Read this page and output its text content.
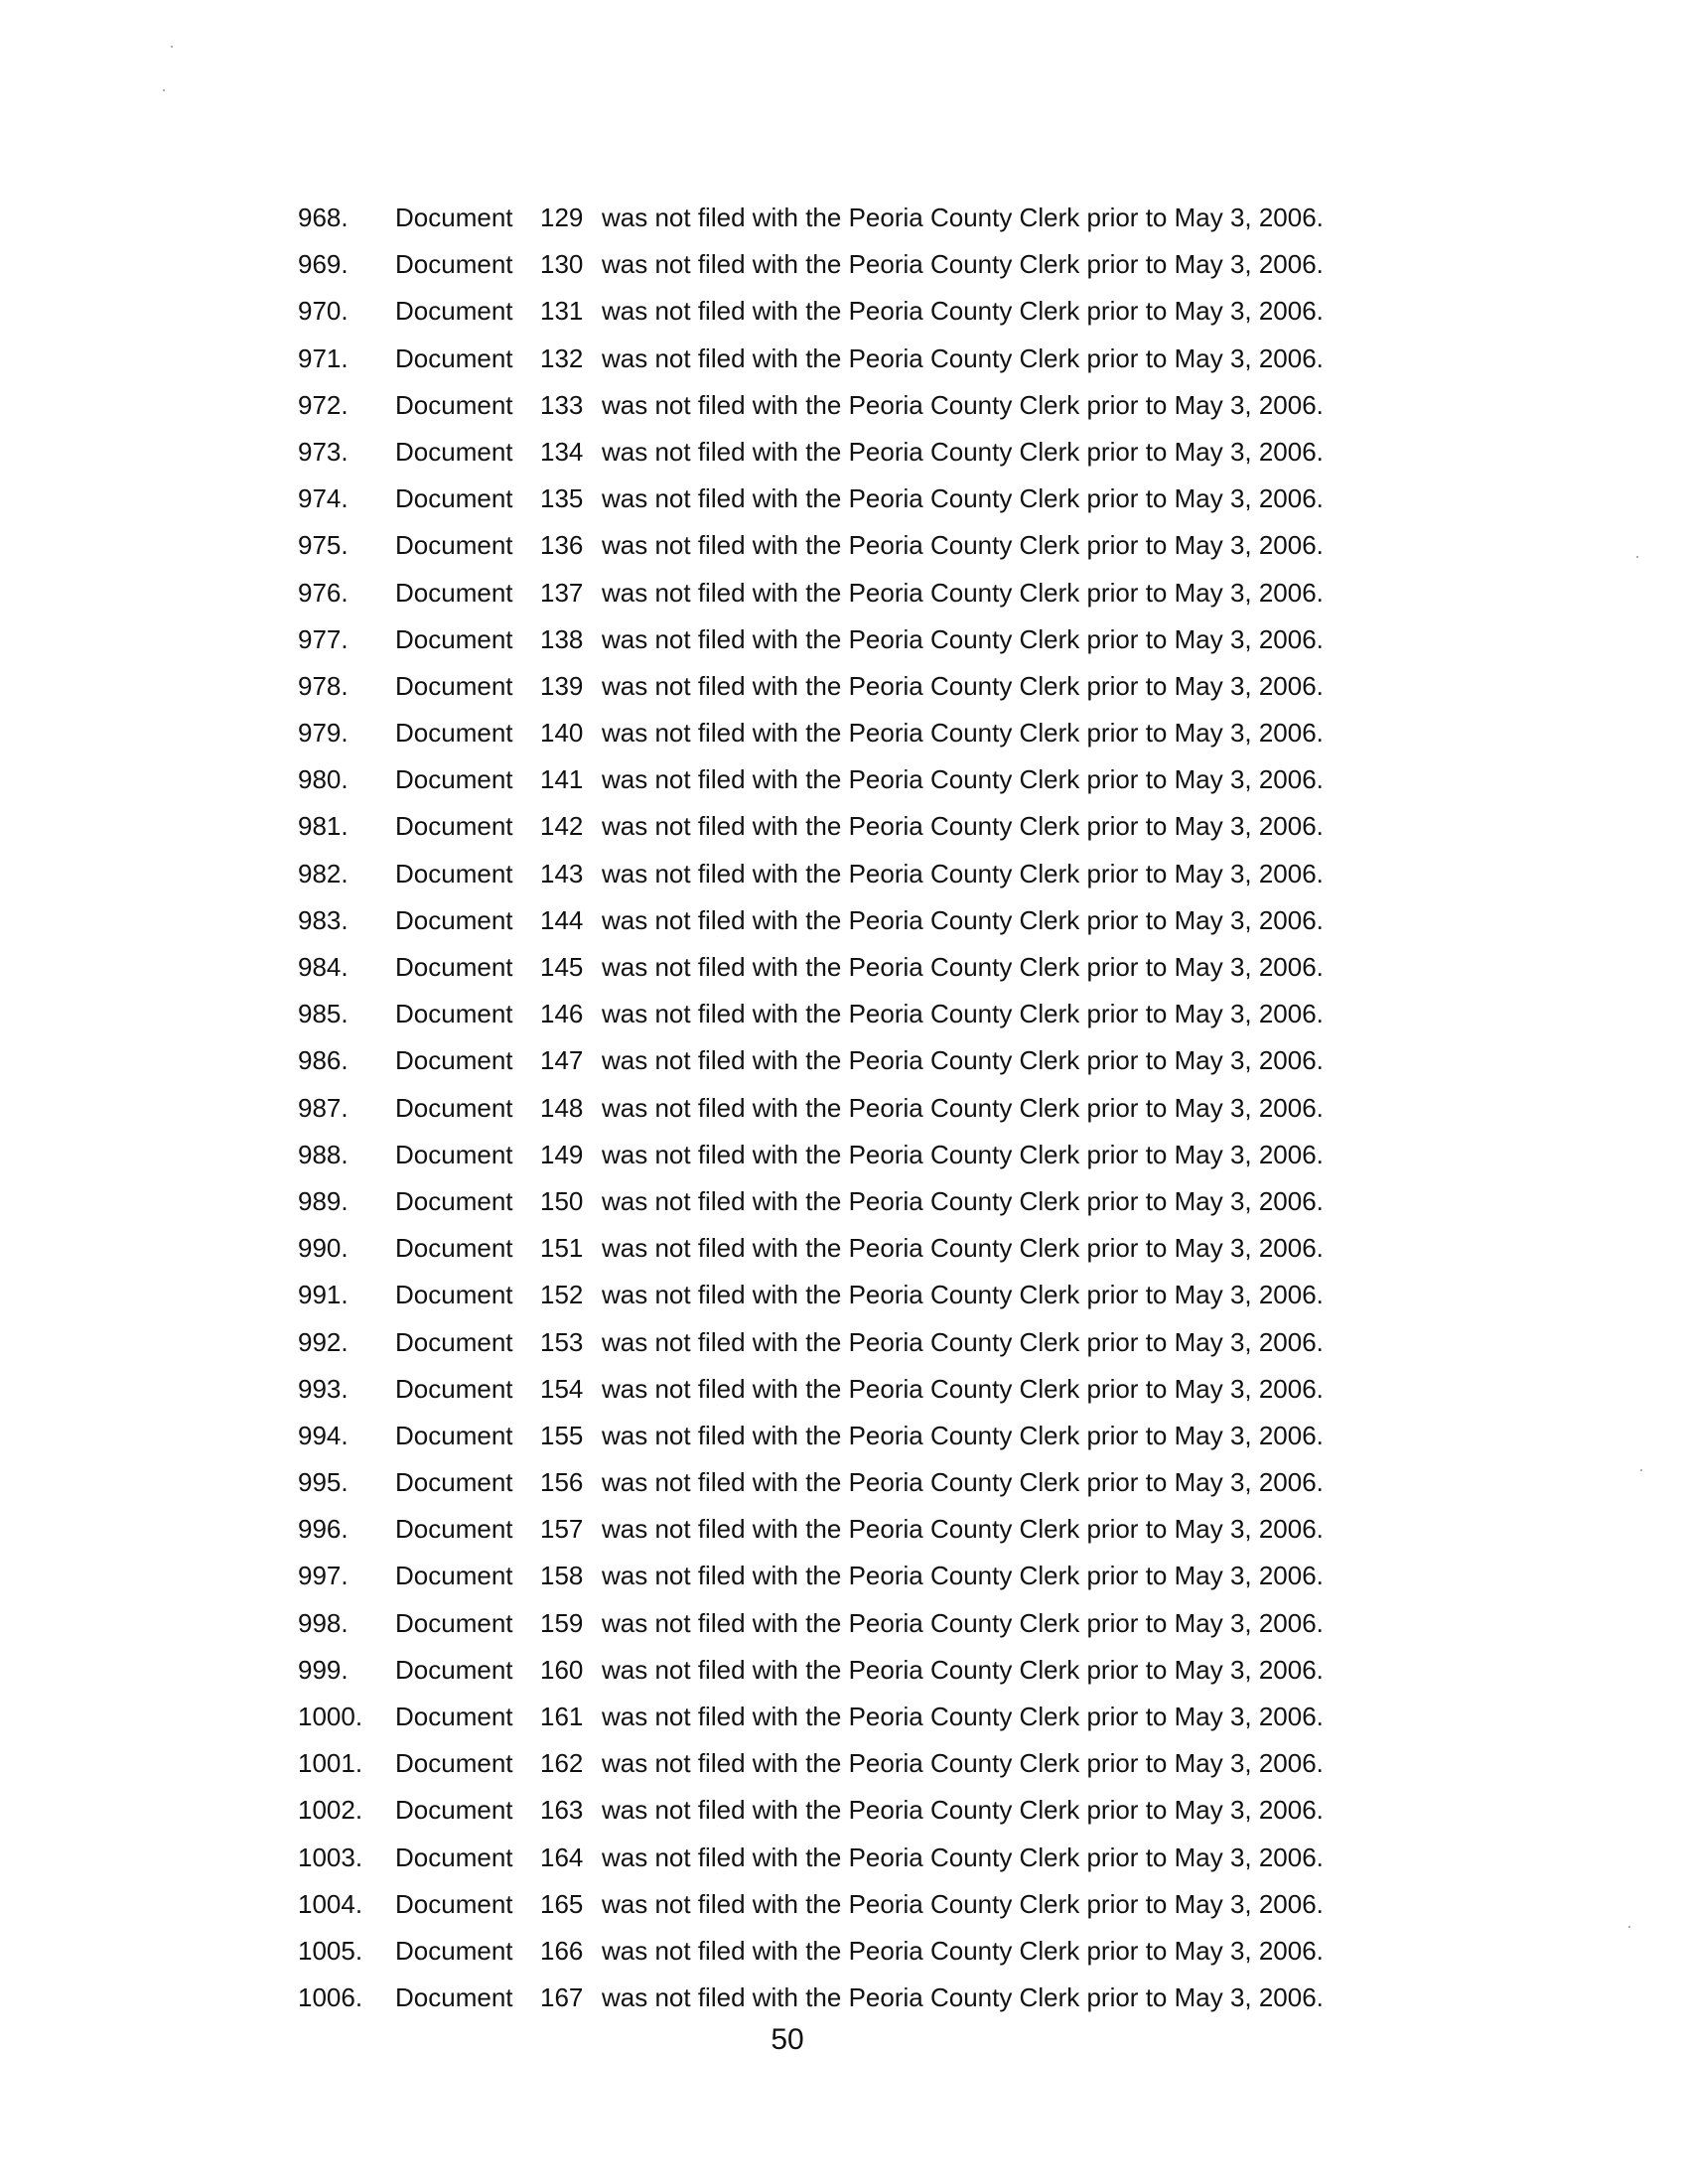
968. Document 129 was not filed with the Peoria County Clerk prior to May 3, 2006.
969. Document 130 was not filed with the Peoria County Clerk prior to May 3, 2006.
970. Document 131 was not filed with the Peoria County Clerk prior to May 3, 2006.
971. Document 132 was not filed with the Peoria County Clerk prior to May 3, 2006.
972. Document 133 was not filed with the Peoria County Clerk prior to May 3, 2006.
973. Document 134 was not filed with the Peoria County Clerk prior to May 3, 2006.
974. Document 135 was not filed with the Peoria County Clerk prior to May 3, 2006.
975. Document 136 was not filed with the Peoria County Clerk prior to May 3, 2006.
976. Document 137 was not filed with the Peoria County Clerk prior to May 3, 2006.
977. Document 138 was not filed with the Peoria County Clerk prior to May 3, 2006.
978. Document 139 was not filed with the Peoria County Clerk prior to May 3, 2006.
979. Document 140 was not filed with the Peoria County Clerk prior to May 3, 2006.
980. Document 141 was not filed with the Peoria County Clerk prior to May 3, 2006.
981. Document 142 was not filed with the Peoria County Clerk prior to May 3, 2006.
982. Document 143 was not filed with the Peoria County Clerk prior to May 3, 2006.
983. Document 144 was not filed with the Peoria County Clerk prior to May 3, 2006.
984. Document 145 was not filed with the Peoria County Clerk prior to May 3, 2006.
985. Document 146 was not filed with the Peoria County Clerk prior to May 3, 2006.
986. Document 147 was not filed with the Peoria County Clerk prior to May 3, 2006.
987. Document 148 was not filed with the Peoria County Clerk prior to May 3, 2006.
988. Document 149 was not filed with the Peoria County Clerk prior to May 3, 2006.
989. Document 150 was not filed with the Peoria County Clerk prior to May 3, 2006.
990. Document 151 was not filed with the Peoria County Clerk prior to May 3, 2006.
991. Document 152 was not filed with the Peoria County Clerk prior to May 3, 2006.
992. Document 153 was not filed with the Peoria County Clerk prior to May 3, 2006.
993. Document 154 was not filed with the Peoria County Clerk prior to May 3, 2006.
994. Document 155 was not filed with the Peoria County Clerk prior to May 3, 2006.
995. Document 156 was not filed with the Peoria County Clerk prior to May 3, 2006.
996. Document 157 was not filed with the Peoria County Clerk prior to May 3, 2006.
997. Document 158 was not filed with the Peoria County Clerk prior to May 3, 2006.
998. Document 159 was not filed with the Peoria County Clerk prior to May 3, 2006.
999. Document 160 was not filed with the Peoria County Clerk prior to May 3, 2006.
1000. Document 161 was not filed with the Peoria County Clerk prior to May 3, 2006.
1001. Document 162 was not filed with the Peoria County Clerk prior to May 3, 2006.
1002. Document 163 was not filed with the Peoria County Clerk prior to May 3, 2006.
1003. Document 164 was not filed with the Peoria County Clerk prior to May 3, 2006.
1004. Document 165 was not filed with the Peoria County Clerk prior to May 3, 2006.
1005. Document 166 was not filed with the Peoria County Clerk prior to May 3, 2006.
1006. Document 167 was not filed with the Peoria County Clerk prior to May 3, 2006.
50
